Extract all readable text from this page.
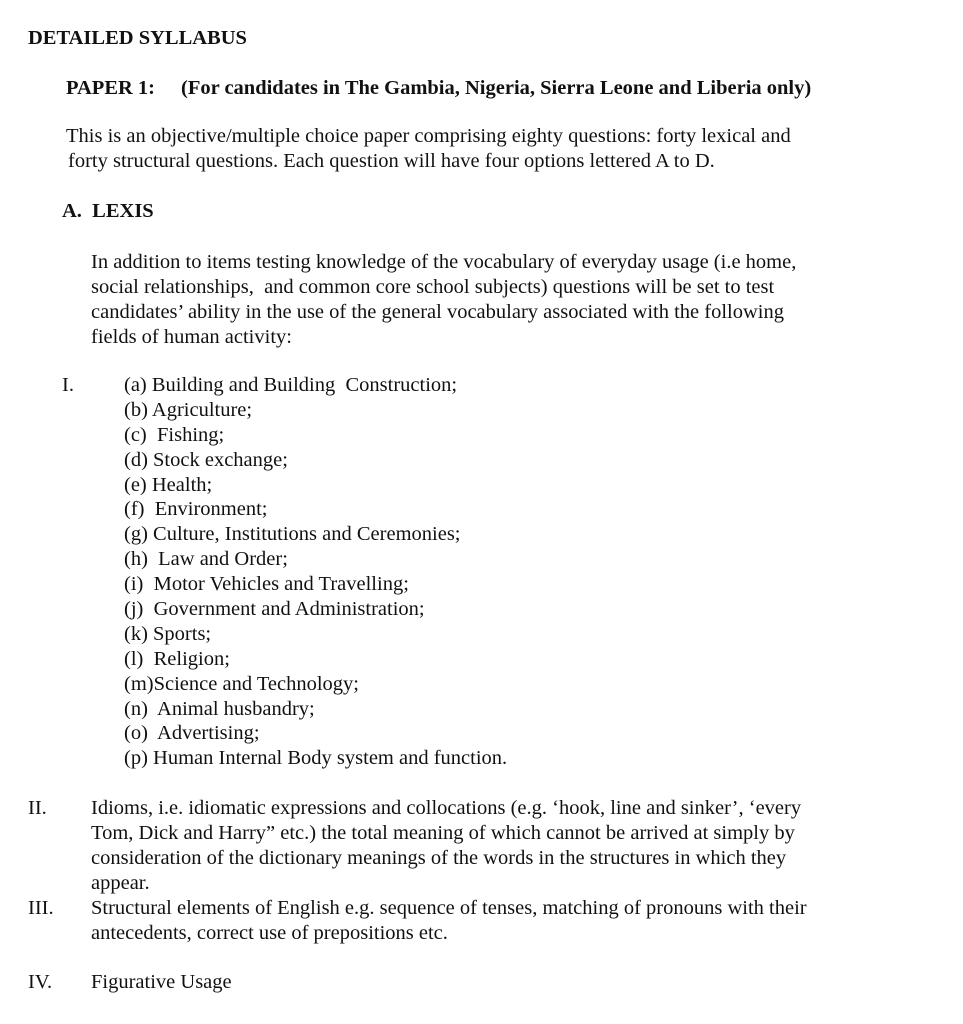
DETAILED SYLLABUS
PAPER 1: (For candidates in The Gambia, Nigeria, Sierra Leone and Liberia only)
This is an objective/multiple choice paper comprising eighty questions: forty lexical and
forty structural questions. Each question will have four options lettered A to D.
A.  LEXIS
In addition to items testing knowledge of the vocabulary of everyday usage (i.e home,
social relationships,  and common core school subjects) questions will be set to test
candidates’ ability in the use of the general vocabulary associated with the following
fields of human activity:
I. (a) Building and Building  Construction;
(b) Agriculture;
(c)  Fishing;
(d) Stock exchange;
(e) Health;
(f)  Environment;
(g) Culture, Institutions and Ceremonies;
(h)  Law and Order;
(i)  Motor Vehicles and Travelling;
(j)  Government and Administration;
(k) Sports;
(l)  Religion;
(m)Science and Technology;
(n)  Animal husbandry;
(o)  Advertising;
(p) Human Internal Body system and function.
II. Idioms, i.e. idiomatic expressions and collocations (e.g. ‘hook, line and sinker’, ‘every
Tom, Dick and Harry” etc.) the total meaning of which cannot be arrived at simply by
consideration of the dictionary meanings of the words in the structures in which they
appear.
III. Structural elements of English e.g. sequence of tenses, matching of pronouns with their
antecedents, correct use of prepositions etc.
IV. Figurative Usage
